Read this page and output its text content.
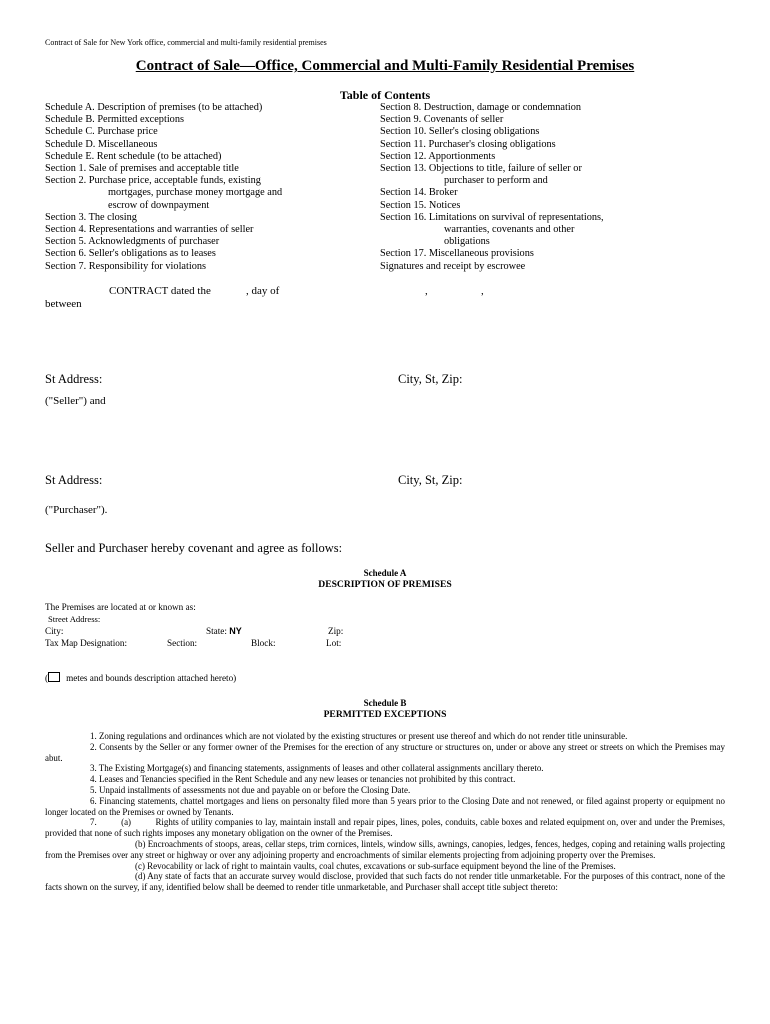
Contract of Sale for New York office, commercial and multi-family residential premises
Contract of Sale—Office, Commercial and Multi-Family Residential Premises
Table of Contents
Schedule A. Description of premises (to be attached)
Schedule B. Permitted exceptions
Schedule C. Purchase price
Schedule D. Miscellaneous
Schedule E. Rent schedule (to be attached)
Section 1. Sale of premises and acceptable title
Section 2. Purchase price, acceptable funds, existing
mortgages, purchase money mortgage and
escrow of downpayment
Section 3. The closing
Section 4. Representations and warranties of seller
Section 5. Acknowledgments of purchaser
Section 6. Seller's obligations as to leases
Section 7. Responsibility for violations
Section 8. Destruction, damage or condemnation
Section 9. Covenants of seller
Section 10. Seller's closing obligations
Section 11. Purchaser's closing obligations
Section 12. Apportionments
Section 13. Objections to title, failure of seller or
purchaser to perform and
Section 14. Broker
Section 15. Notices
Section 16. Limitations on survival of representations,
warranties, covenants and other
obligations
Section 17. Miscellaneous provisions
Signatures and receipt by escrowee
CONTRACT dated the	, day of	,	,
between
St Address:	City, St, Zip:
("Seller") and
St Address:	City, St, Zip:
("Purchaser").
Seller and Purchaser hereby covenant and agree as follows:
Schedule A
DESCRIPTION OF PREMISES
The Premises are located at or known as:
Street Address:
City:	State: NY	Zip:
Tax Map Designation:	Section:	Block:	Lot:
( metes and bounds description attached hereto)
Schedule B
PERMITTED EXCEPTIONS

1. Zoning regulations and ordinances which are not violated by the existing structures or present use thereof and which do not render title uninsurable.

2. Consents by the Seller or any former owner of the Premises for the erection of any structure or structures on, under or above any street or streets on which the Premises may abut.

3. The Existing Mortgage(s) and financing statements, assignments of leases and other collateral assignments ancillary thereto.

4. Leases and Tenancies specified in the Rent Schedule and any new leases or tenancies not prohibited by this contract.

5. Unpaid installments of assessments not due and payable on or before the Closing Date.

6. Financing statements, chattel mortgages and liens on personalty filed more than 5 years prior to the Closing Date and not renewed, or filed against property or equipment no longer located on the Premises or owned by Tenants.

7.          (a)          Rights of utility companies to lay, maintain install and repair pipes, lines, poles, conduits, cable boxes and related equipment on, over and under the Premises, provided that none of such rights imposes any monetary obligation on the owner of the Premises.

(b) Encroachments of stoops, areas, cellar steps, trim cornices, lintels, window sills, awnings, canopies, ledges, fences, hedges, coping and retaining walls projecting from the Premises over any street or highway or over any adjoining property and encroachments of similar elements projecting from adjoining property over the Premises.

(c) Revocability or lack of right to maintain vaults, coal chutes, excavations or sub-surface equipment beyond the line of the Premises.

(d) Any state of facts that an accurate survey would disclose, provided that such facts do not render title unmarketable. For the purposes of this contract, none of the facts shown on the survey, if any, identified below shall be deemed to render title unmarketable, and Purchaser shall accept title subject thereto:
